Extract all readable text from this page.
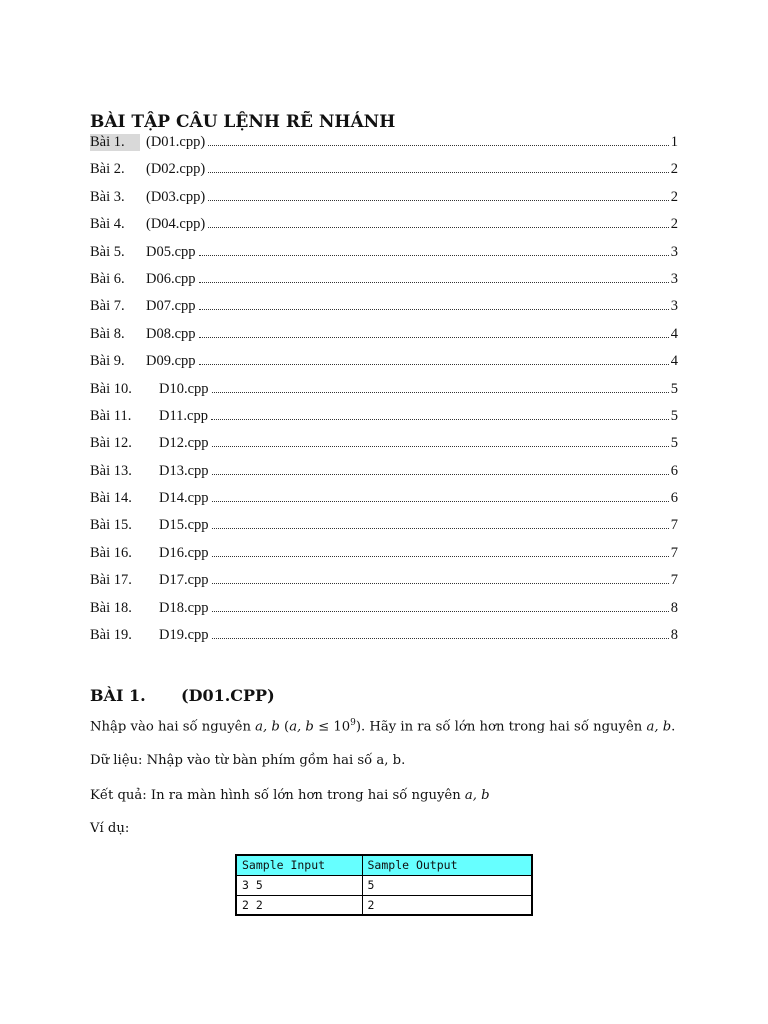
BÀI TẬP CÂU LỆNH RẼ NHÁNH
Bài 1.	(D01.cpp)	1
Bài 2.	(D02.cpp)	2
Bài 3.	(D03.cpp)	2
Bài 4.	(D04.cpp)	2
Bài 5.	D05.cpp	3
Bài 6.	D06.cpp	3
Bài 7.	D07.cpp	3
Bài 8.	D08.cpp	4
Bài 9.	D09.cpp	4
Bài 10.	D10.cpp	5
Bài 11.	D11.cpp	5
Bài 12.	D12.cpp	5
Bài 13.	D13.cpp	6
Bài 14.	D14.cpp	6
Bài 15.	D15.cpp	7
Bài 16.	D16.cpp	7
Bài 17.	D17.cpp	7
Bài 18.	D18.cpp	8
Bài 19.	D19.cpp	8
BÀI 1. (D01.CPP)
Nhập vào hai số nguyên a, b (a, $b \le 10^9$). Hãy in ra số lớn hơn trong hai số nguyên a, b.
Dữ liệu: Nhập vào từ bàn phím gồm hai số a, b.
Kết quả: In ra màn hình số lớn hơn trong hai số nguyên a, b
Ví dụ:
Sample Input	Sample Output
3 5	5
2 2	2
